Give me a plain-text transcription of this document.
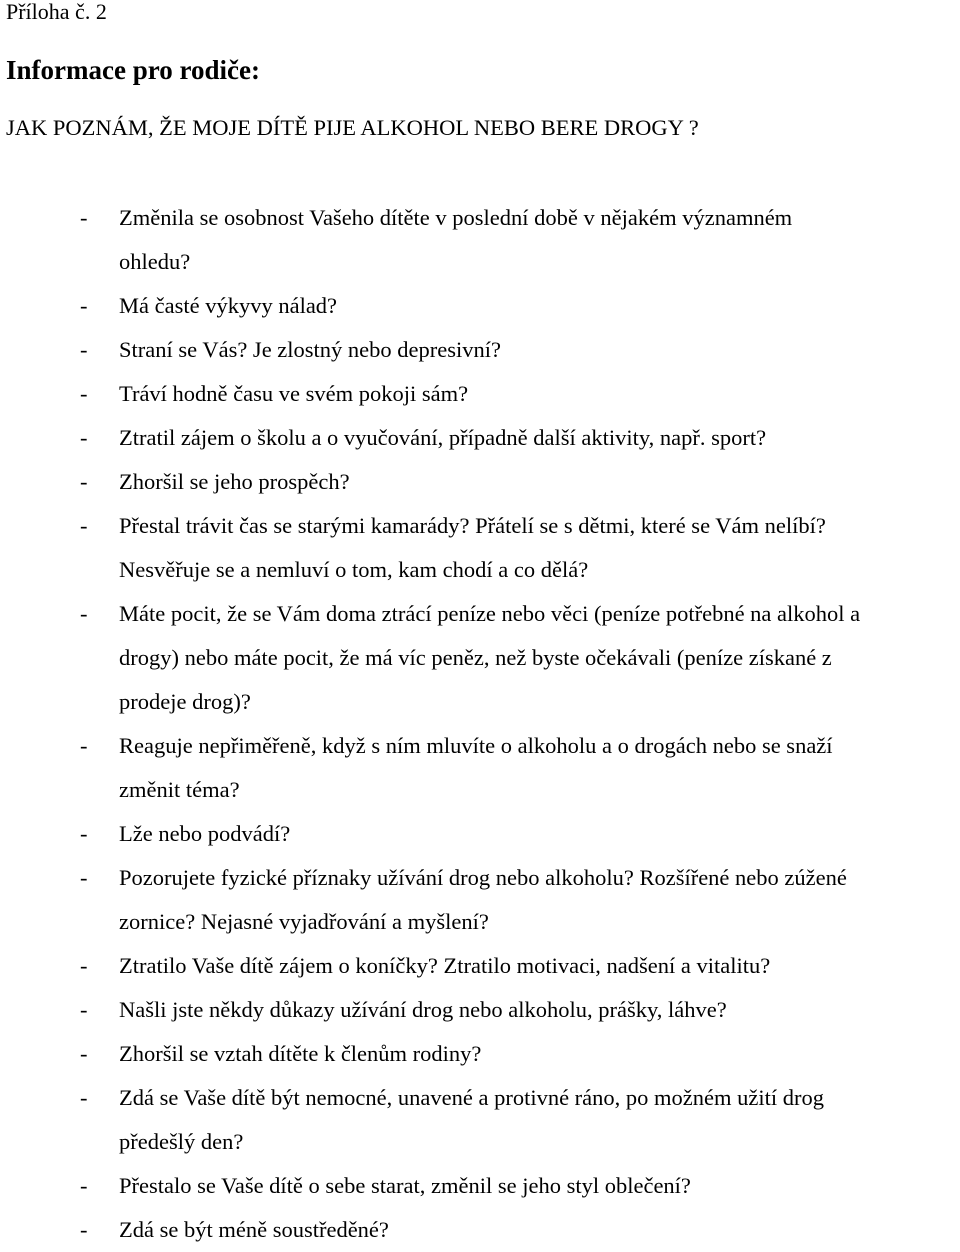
Příloha č. 2
Informace pro rodiče:
JAK POZNÁM, ŽE MOJE DÍTĚ PIJE ALKOHOL NEBO BERE DROGY ?
- Změnila se osobnost Vašeho dítěte v poslední době v nějakém významném
ohledu?
- Má časté výkyvy nálad?
- Straní se Vás? Je zlostný nebo depresivní?
- Tráví hodně času ve svém pokoji sám?
- Ztratil zájem o školu a o vyučování, případně další aktivity, např. sport?
- Zhoršil se jeho prospěch?
- Přestal trávit čas se starými kamarády? Přátelí se s dětmi, které se Vám nelíbí?
Nesvěřuje se a nemluví o tom, kam chodí a co dělá?
- Máte pocit, že se Vám doma ztrácí peníze nebo věci (peníze potřebné na alkohol a
drogy) nebo máte pocit, že má víc peněz, než byste očekávali (peníze získané z
prodeje drog)?
- Reaguje nepřiměřeně, když s ním mluvíte o alkoholu a o drogách nebo se snaží
změnit téma?
- Lže nebo podvádí?
- Pozorujete fyzické příznaky užívání drog nebo alkoholu? Rozšířené nebo zúžené
zornice? Nejasné vyjadřování a myšlení?
- Ztratilo Vaše dítě zájem o koníčky? Ztratilo motivaci, nadšení a vitalitu?
- Našli jste někdy důkazy užívání drog nebo alkoholu, prášky, láhve?
- Zhoršil se vztah dítěte k členům rodiny?
- Zdá se Vaše dítě být nemocné, unavené a protivné ráno, po možném užití drog
předešlý den?
- Přestalo se Vaše dítě o sebe starat, změnil se jeho styl oblečení?
- Zdá se být méně soustředěné?
